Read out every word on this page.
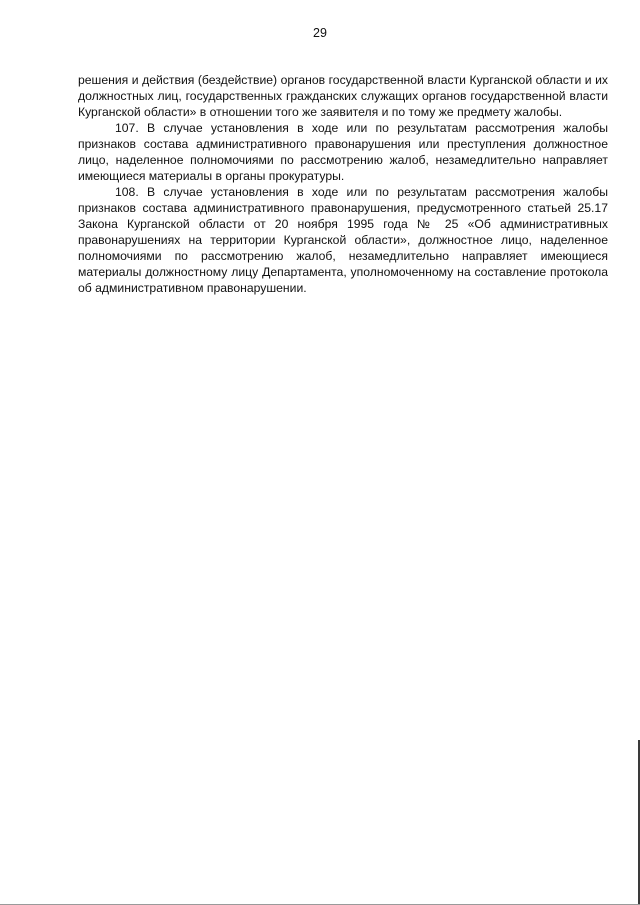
29

решения и действия (бездействие) органов государственной власти Курганской области и их должностных лиц, государственных гражданских служащих органов государственной власти Курганской области» в отношении того же заявителя и по тому же предмету жалобы.

107. В случае установления в ходе или по результатам рассмотрения жалобы признаков состава административного правонарушения или преступления должностное лицо, наделенное полномочиями по рассмотрению жалоб, незамедлительно направляет имеющиеся материалы в органы прокуратуры.

108. В случае установления в ходе или по результатам рассмотрения жалобы признаков состава административного правонарушения, предусмотренного статьей 25.17 Закона Курганской области от 20 ноября 1995 года № 25 «Об административных правонарушениях на территории Курганской области», должностное лицо, наделенное полномочиями по рассмотрению жалоб, незамедлительно направляет имеющиеся материалы должностному лицу Департамента, уполномоченному на составление протокола об административном правонарушении.
